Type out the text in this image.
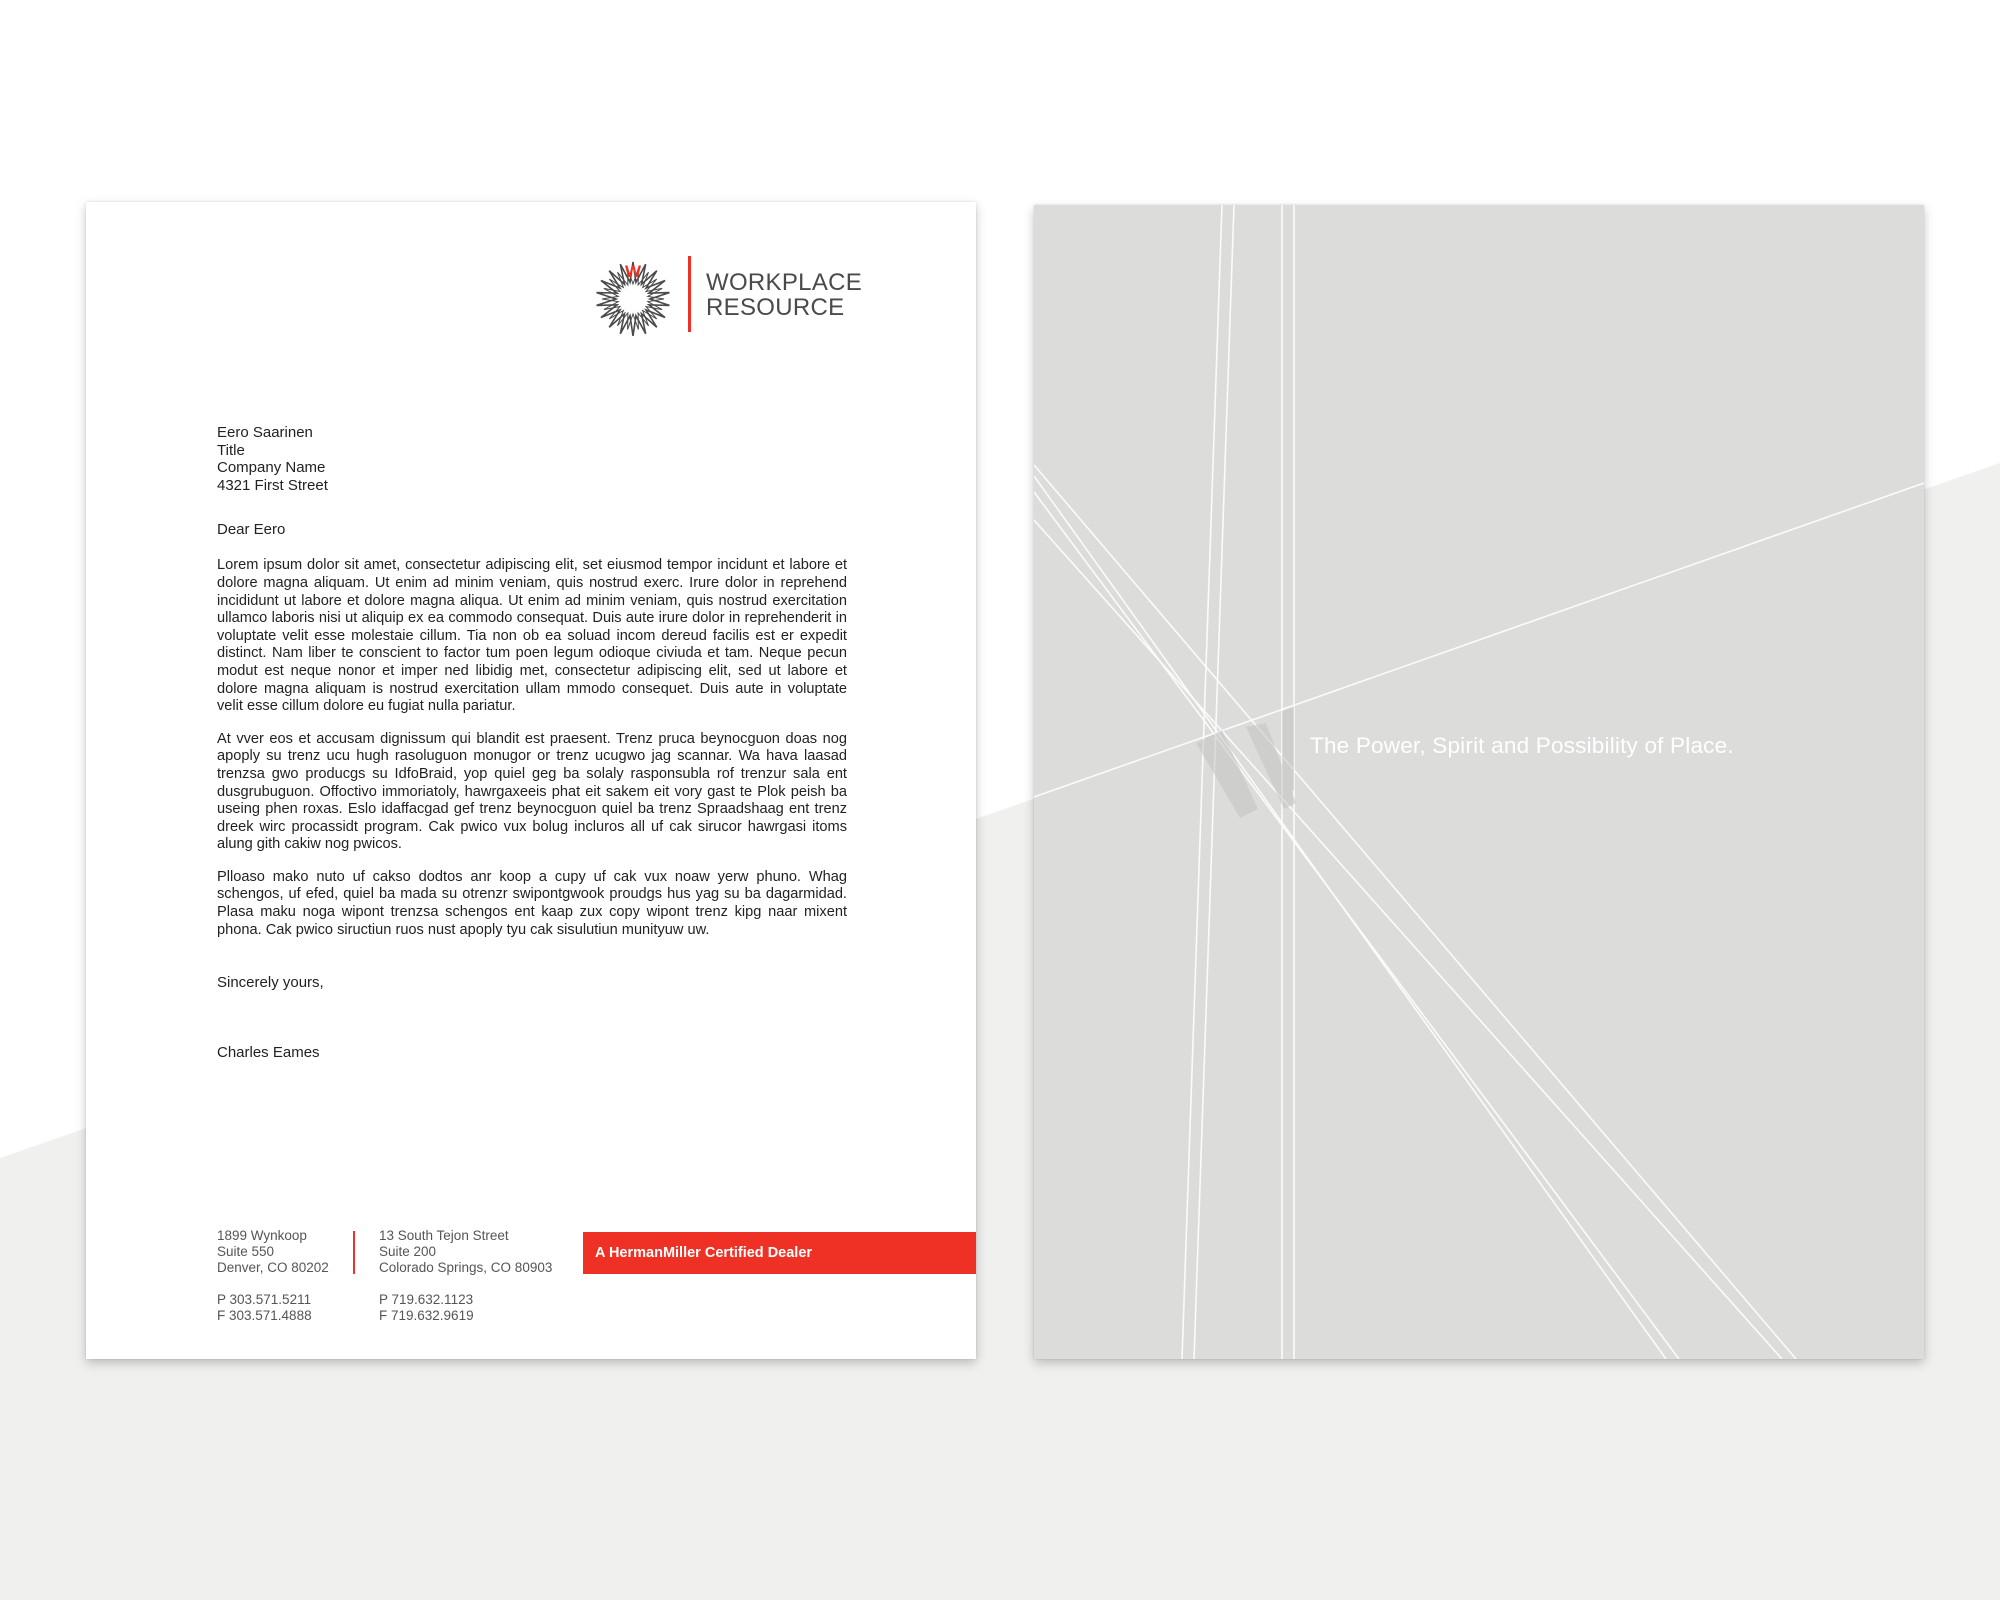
W	WORKPLACE
RESOURCE
Eero Saarinen
Title
Company Name
4321 First Street
Dear Eero
Lorem ipsum dolor sit amet, consectetur adipiscing elit, set eiusmod tempor incidunt et labore et dolore magna aliquam. Ut enim ad minim veniam, quis nostrud exerc. Irure dolor in reprehend incididunt ut labore et dolore magna aliqua. Ut enim ad minim veniam, quis nostrud exercitation ullamco laboris nisi ut aliquip ex ea commodo consequat. Duis aute irure dolor in reprehenderit in voluptate velit esse molestaie cillum. Tia non ob ea soluad incom dereud facilis est er expedit distinct. Nam liber te conscient to factor tum poen legum odioque civiuda et tam. Neque pecun modut est neque nonor et imper ned libidig met, consectetur adipiscing elit, sed ut labore et dolore magna aliquam is nostrud exercitation ullam mmodo consequet. Duis aute in voluptate velit esse cillum dolore eu fugiat nulla pariatur.
At vver eos et accusam dignissum qui blandit est praesent. Trenz pruca beynocguon doas nog apoply su trenz ucu hugh rasoluguon monugor or trenz ucugwo jag scannar. Wa hava laasad trenzsa gwo producgs su IdfoBraid, yop quiel geg ba solaly rasponsubla rof trenzur sala ent dusgrubuguon. Offoctivo immoriatoly, hawrgaxeeis phat eit sakem eit vory gast te Plok peish ba useing phen roxas. Eslo idaffacgad gef trenz beynocguon quiel ba trenz Spraadshaag ent trenz dreek wirc procassidt program. Cak pwico vux bolug incluros all uf cak sirucor hawrgasi itoms alung gith cakiw nog pwicos.
Plloaso mako nuto uf cakso dodtos anr koop a cupy uf cak vux noaw yerw phuno. Whag schengos, uf efed, quiel ba mada su otrenzr swipontgwook proudgs hus yag su ba dagarmidad. Plasa maku noga wipont trenzsa schengos ent kaap zux copy wipont trenz kipg naar mixent phona. Cak pwico siructiun ruos nust apoply tyu cak sisulutiun munityuw uw.
Sincerely yours,
Charles Eames
1899 Wynkoop
Suite 550
Denver, CO 80202
P 303.571.5211
F 303.571.4888
13 South Tejon Street
Suite 200
Colorado Springs, CO 80903
P 719.632.1123
F 719.632.9619
A HermanMiller Certified Dealer
The Power, Spirit and Possibility of Place.
